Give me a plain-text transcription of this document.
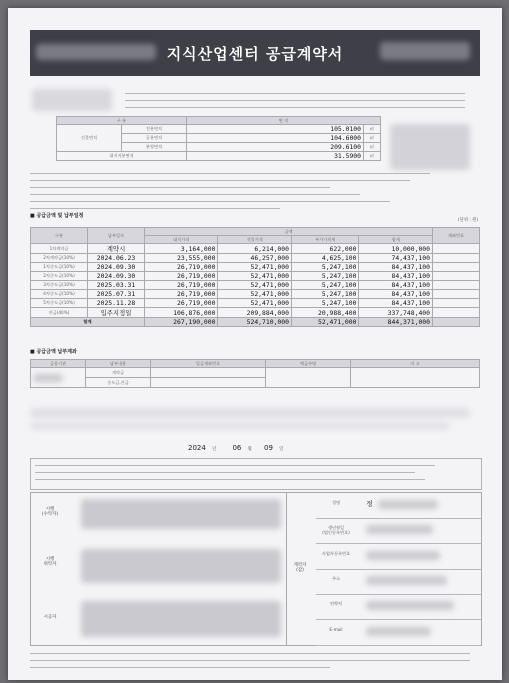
지식산업센터 공급계약서
구 분		면 적	
건물면적	전용면적	105.0100	㎡
	공용면적	104.6000	㎡
	분양면적	209.6100	㎡
대지지분면적		31.5900	㎡
■ 공급금액 및 납부일정
(단위 : 원)
구분	납부일자	금액				계좌번호
		대지가격	건물가격	부가가치세	합계	
1차계약금	계약시	3,164,000	6,214,000	622,000	10,000,000	
2차계약금(10%)	2024.06.23	23,555,000	46,257,000	4,625,100	74,437,100	
1차중도금(10%)	2024.09.30	26,719,000	52,471,000	5,247,100	84,437,100	
2차중도금(10%)	2024.09.30	26,719,000	52,471,000	5,247,100	84,437,100	
3차중도금(10%)	2025.03.31	26,719,000	52,471,000	5,247,100	84,437,100	
4차중도금(10%)	2025.07.31	26,719,000	52,471,000	5,247,100	84,437,100	
5차중도금(10%)	2025.11.28	26,719,000	52,471,000	5,247,100	84,437,100	
잔금(40%)	입주지정일	106,876,000	209,884,000	20,988,400	337,748,400	
합계		267,190,000	524,710,000	52,471,000	844,371,000	
■ 공급금액 납부계좌
금융기관	납부내용	입금계좌번호	예금주명	비 고

	계약금			
	중도금,잔금			
2024 년 06 월 09 일
시행
(수탁자)
시행
위탁자
시공자
계약자
(갑)
성명	정
생년월일
(법인등록번호)
사업자등록번호
주소
연락처
E-mail
